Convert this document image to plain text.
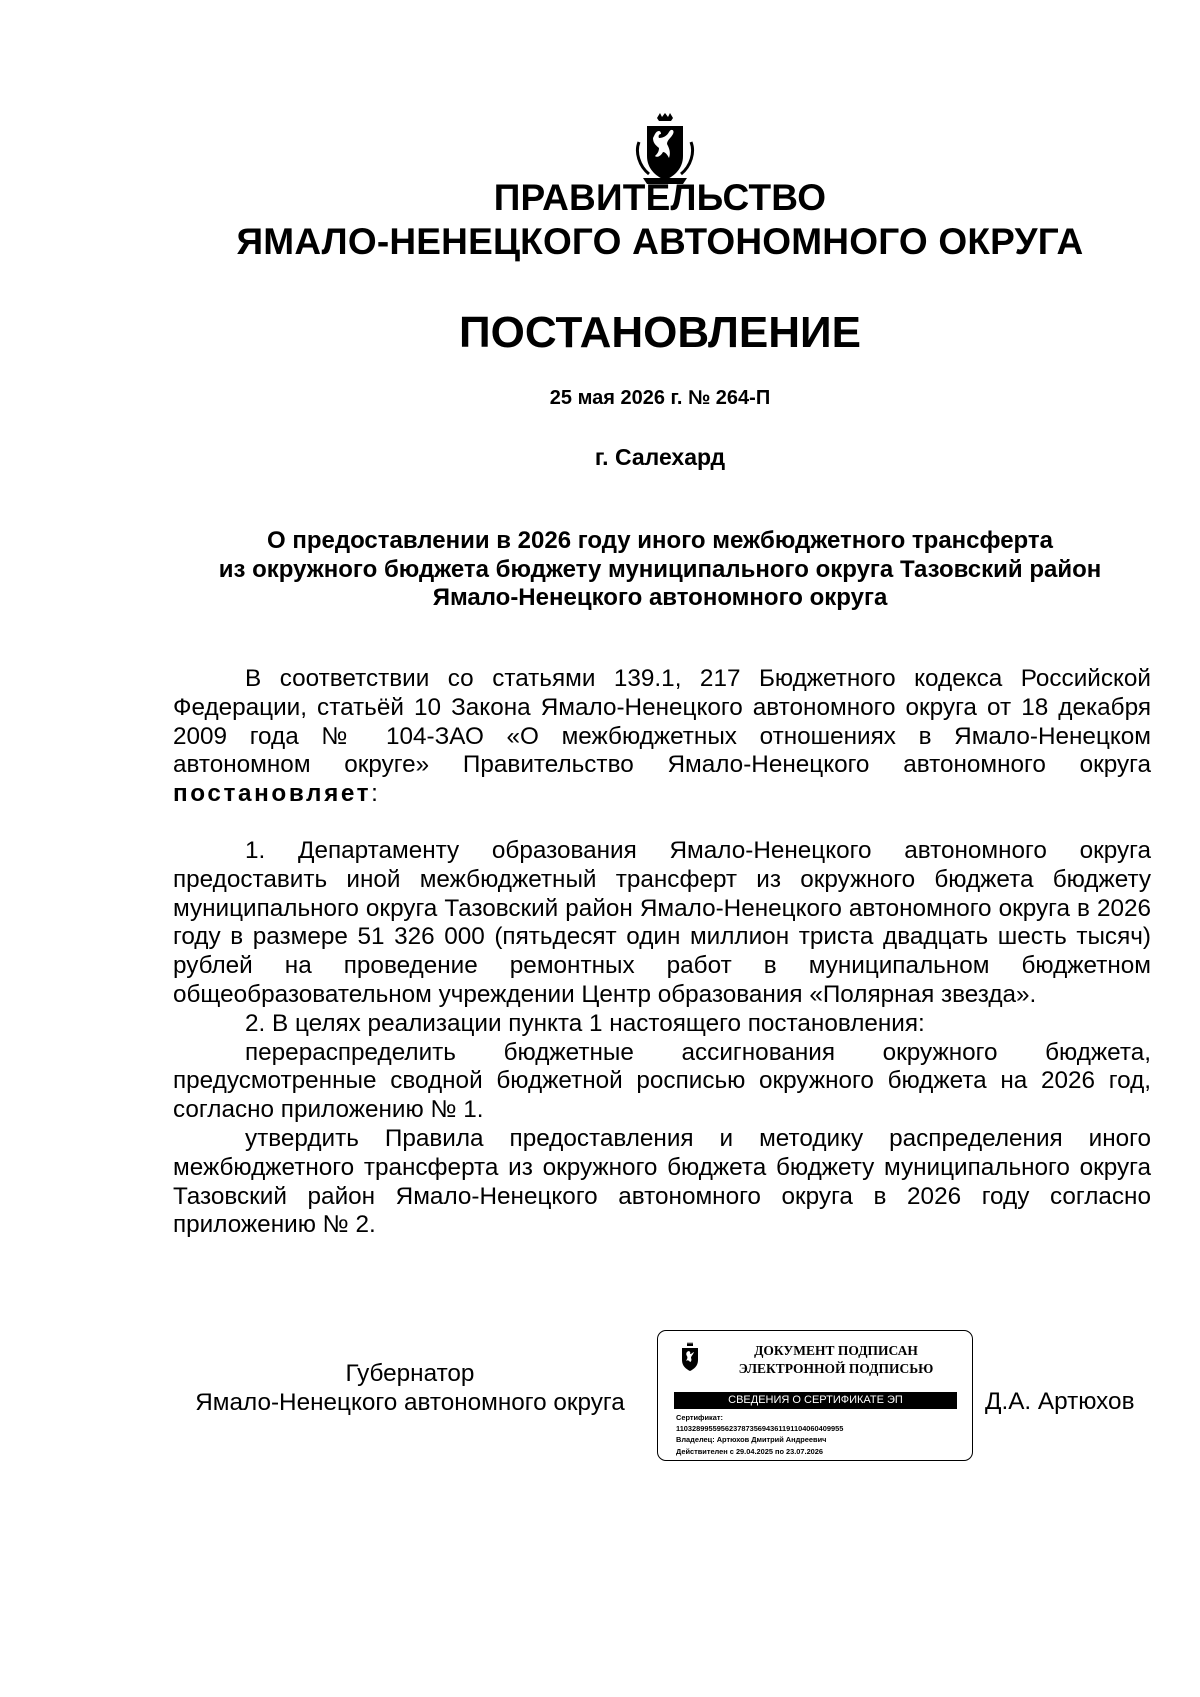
ПРАВИТЕЛЬСТВО
ЯМАЛО-НЕНЕЦКОГО АВТОНОМНОГО ОКРУГА
ПОСТАНОВЛЕНИЕ
25 мая 2026 г. № 264-П
г. Салехард
О предоставлении в 2026 году иного межбюджетного трансферта
из окружного бюджета бюджету муниципального округа Тазовский район
Ямало-Ненецкого автономного округа

В соответствии со статьями 139.1, 217 Бюджетного кодекса Российской Федерации, статьёй 10 Закона Ямало-Ненецкого автономного округа от 18 декабря 2009 года № 104-ЗАО «О межбюджетных отношениях в Ямало-Ненецком автономном округе» Правительство Ямало-Ненецкого автономного округа постановляет:

1. Департаменту образования Ямало-Ненецкого автономного округа предоставить иной межбюджетный трансферт из окружного бюджета бюджету муниципального округа Тазовский район Ямало-Ненецкого автономного округа в 2026 году в размере 51 326 000 (пятьдесят один миллион триста двадцать шесть тысяч) рублей на проведение ремонтных работ в муниципальном бюджетном общеобразовательном учреждении Центр образования «Полярная звезда».

2. В целях реализации пункта 1 настоящего постановления:

перераспределить бюджетные ассигнования окружного бюджета, предусмотренные сводной бюджетной росписью окружного бюджета на 2026 год, согласно приложению № 1.

утвердить Правила предоставления и методику распределения иного межбюджетного трансферта из окружного бюджета бюджету муниципального округа Тазовский район Ямало-Ненецкого автономного округа в 2026 году согласно приложению № 2.

Губернатор
Ямало-Ненецкого автономного округа
ДОКУМЕНТ ПОДПИСАН
ЭЛЕКТРОННОЙ ПОДПИСЬЮ
СВЕДЕНИЯ О СЕРТИФИКАТЕ ЭП
Сертификат:
11032899559562378735694361191104060409955
Владелец: Артюхов Дмитрий Андреевич
Действителен с 29.04.2025 по 23.07.2026
Д.А. Артюхов
